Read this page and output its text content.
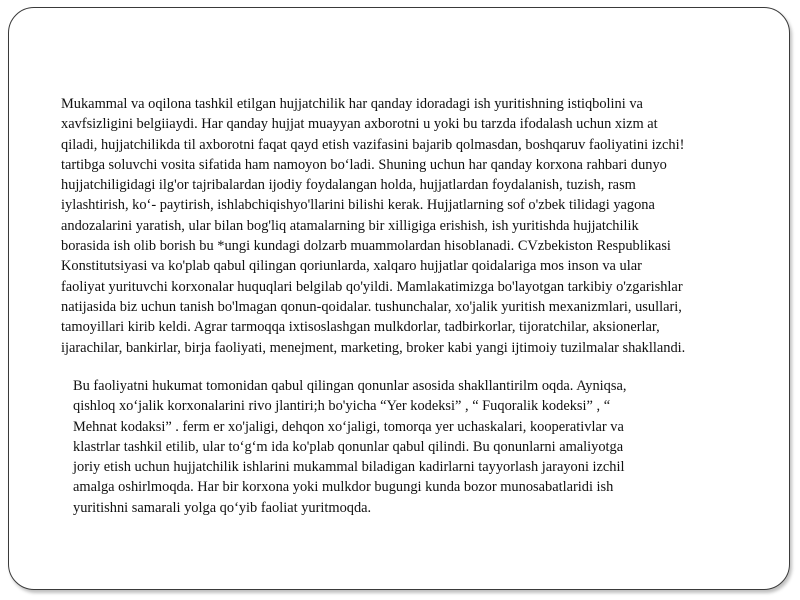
Mukammal va oqilona tashkil etilgan hujjatchilik har qanday idoradagi ish yuritishning istiqbolini va
xavfsizligini belgiiaydi. Har qanday hujjat muayyan axborotni u yoki bu tarzda ifodalash uchun xizm at
qiladi, hujjatchilikda til axborotni faqat qayd etish vazifasini bajarib qolmasdan, boshqaruv faoliyatini izchi!
tartibga soluvchi vosita sifatida ham namoyon bo‘ladi. Shuning uchun har qanday korxona rahbari dunyo
hujjatchiligidagi ilg'or tajribalardan ijodiy foydalangan holda, hujjatlardan foydalanish, tuzish, rasm
iylashtirish, ko‘- paytirish, ishlabchiqishyo'llarini bilishi kerak. Hujjatlarning sof o'zbek tilidagi yagona
andozalarini yaratish, ular bilan bog'liq atamalarning bir xilligiga erishish, ish yuritishda hujjatchilik
borasida ish olib borish bu *ungi kundagi dolzarb muammolardan hisoblanadi. CVzbekiston Respublikasi
Konstitutsiyasi va ko'plab qabul qilingan qoriunlarda, xalqaro hujjatlar qoidalariga mos inson va ular
faoliyat yurituvchi korxonalar huquqlari belgilab qo'yildi. Mamlakatimizga bo'layotgan tarkibiy o'zgarishlar
natijasida biz uchun tanish bo'lmagan qonun-qoidalar. tushunchalar, xo'jalik yuritish mexanizmlari, usullari,
tamoyillari kirib keldi. Agrar tarmoqqa ixtisoslashgan mulkdorlar, tadbirkorlar, tijoratchilar, aksionerlar,
ijarachilar, bankirlar, birja faoliyati, menejment, marketing, broker kabi yangi ijtimoiy tuzilmalar shakllandi.
Bu faoliyatni hukumat tomonidan qabul qilingan qonunlar asosida shakllantirilm oqda. Ayniqsa,
qishloq xo‘jalik korxonalarini rivo jlantiri;h bo'yicha “Yer kodeksi” , “ Fuqoralik kodeksi” , “
Mehnat kodaksi” . ferm er xo'jaligi, dehqon xo‘jaligi, tomorqa yer uchaskalari, kooperativlar va
klastrlar tashkil etilib, ular to‘g‘m ida ko'plab qonunlar qabul qilindi. Bu qonunlarni amaliyotga
joriy etish uchun hujjatchilik ishlarini mukammal biladigan kadirlarni tayyorlash jarayoni izchil
amalga oshirlmoqda. Har bir korxona yoki mulkdor bugungi kunda bozor munosabatlaridi ish
yuritishni samarali yolga qo‘yib faoliat yuritmoqda.
